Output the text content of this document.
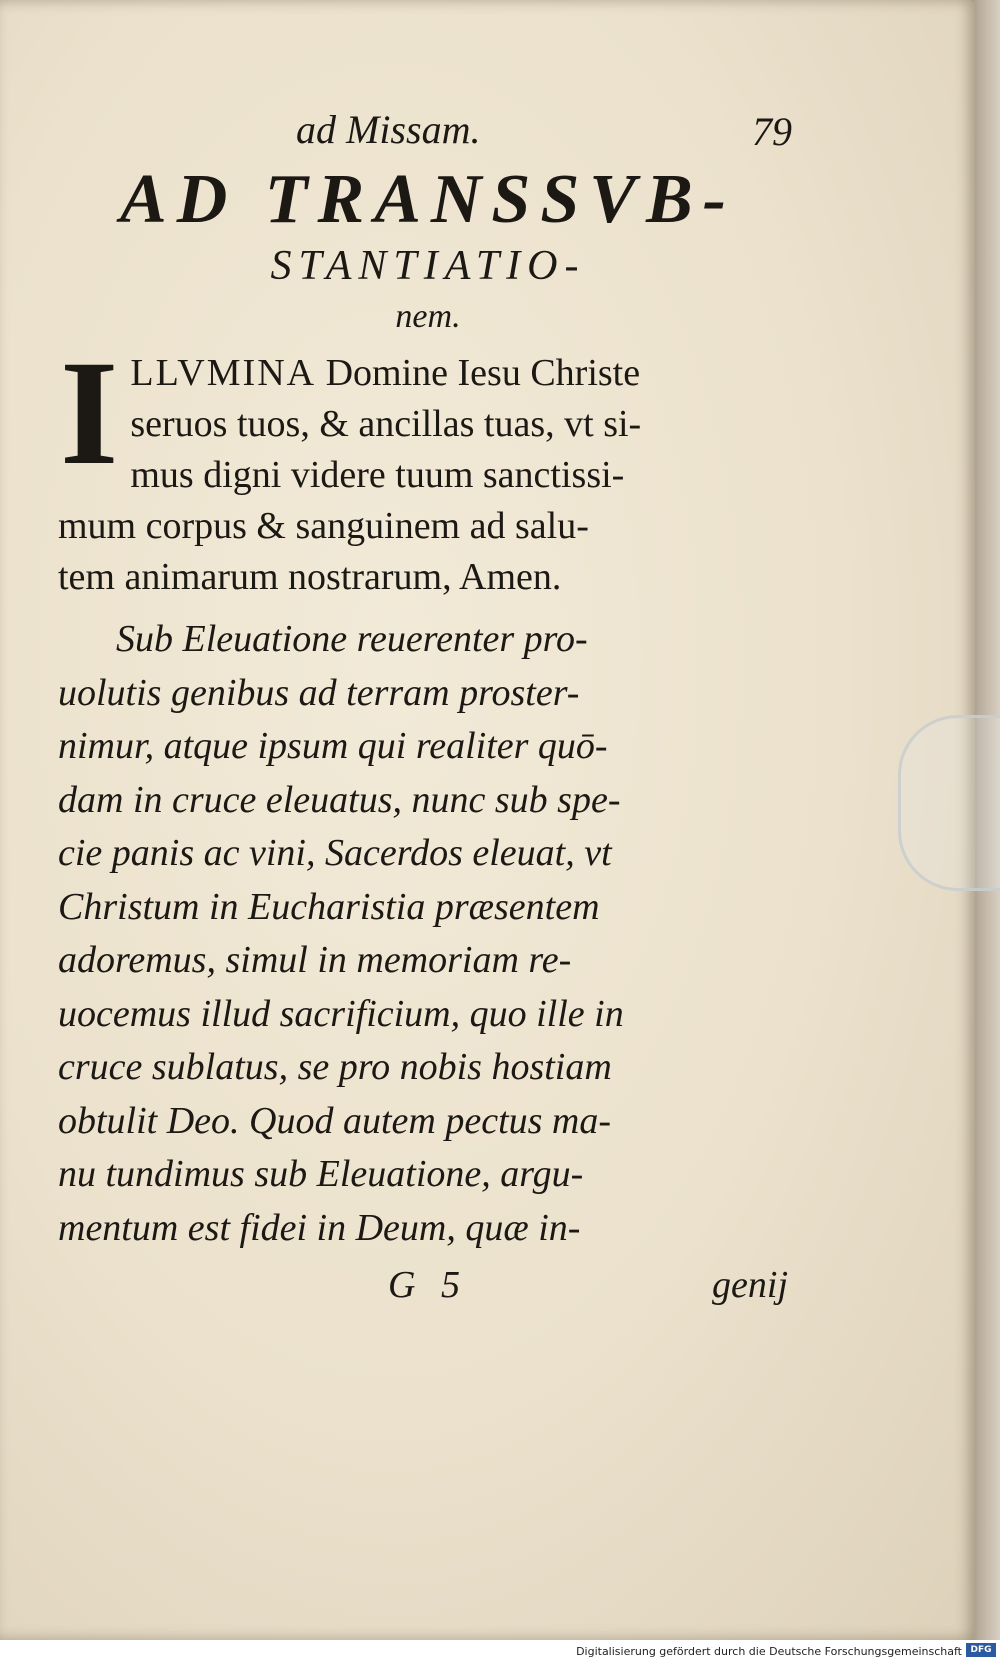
ad Missam.	79
AD TRANSSVB-
STANTIATIO-
nem.
I LLVMINA Domine Iesu Christe
seruos tuos, & ancillas tuas, vt si-
mus digni videre tuum sanctissi-
mum corpus & sanguinem ad salu-
tem animarum nostrarum, Amen.
Sub Eleuatione reuerenter pro-
uolutis genibus ad terram proster-
nimur, atque ipsum qui realiter quō-
dam in cruce eleuatus, nunc sub spe-
cie panis ac vini, Sacerdos eleuat, vt
Christum in Eucharistia præsentem
adoremus, simul in memoriam re-
uocemus illud sacrificium, quo ille in
cruce sublatus, se pro nobis hostiam
obtulit Deo. Quod autem pectus ma-
nu tundimus sub Eleuatione, argu-
mentum est fidei in Deum, quæ in-
G 5	genij
Digitalisierung gefördert durch die Deutsche Forschungsgemeinschaft DFG
